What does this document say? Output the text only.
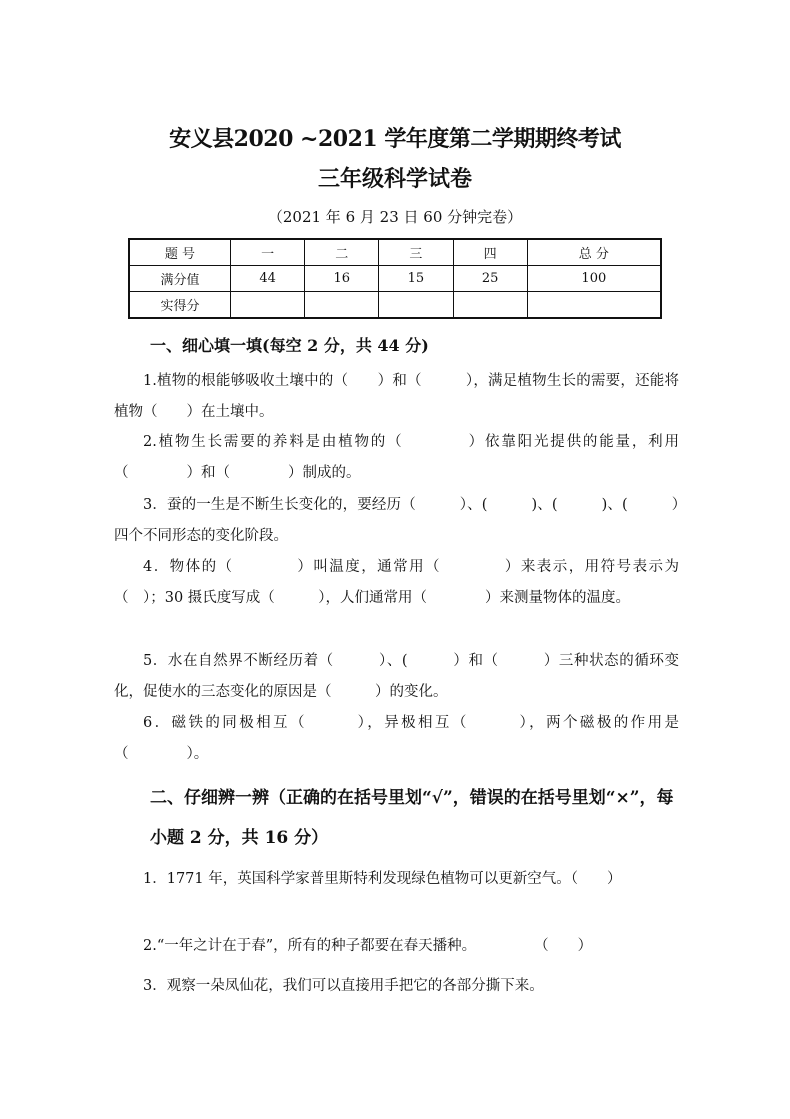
安义县2020 ~2021 学年度第二学期期终考试
三年级科学试卷
（2021 年 6 月 23 日 60 分钟完卷）
题 号	一	二	三	四	总 分
满分值	44	16	15	25	100
实得分					
一、细心填一填(每空 2 分，共 44 分)
1.植物的根能够吸收土壤中的（　　）和（　　　），满足植物生长的需要，还能将植物（　　）在土壤中。
2.植物生长需要的养料是由植物的（　　　　）依靠阳光提供的能量，利用（　　　　）和（　　　　）制成的。
3．蚕的一生是不断生长变化的，要经历（　　　）、(　　　)、(　　　)、(　　　）四个不同形态的变化阶段。
4．物体的（　　　　）叫温度，通常用（　　　　）来表示，用符号表示为（　）；30 摄氏度写成（　　　），人们通常用（　　　　）来测量物体的温度。
5．水在自然界不断经历着（　　　）、(　　　）和（　　　）三种状态的循环变化，促使水的三态变化的原因是（　　　）的变化。
6．磁铁的同极相互（　　　），异极相互（　　　），两个磁极的作用是（　　　　）。
二、仔细辨一辨（正确的在括号里划“√”，错误的在括号里划“×”，每小题 2 分，共 16 分）
1．1771 年，英国科学家普里斯特利发现绿色植物可以更新空气。（　　）
2.“一年之计在于春”，所有的种子都要在春天播种。　　　　　（　　）
3．观察一朵凤仙花，我们可以直接用手把它的各部分撕下来。
